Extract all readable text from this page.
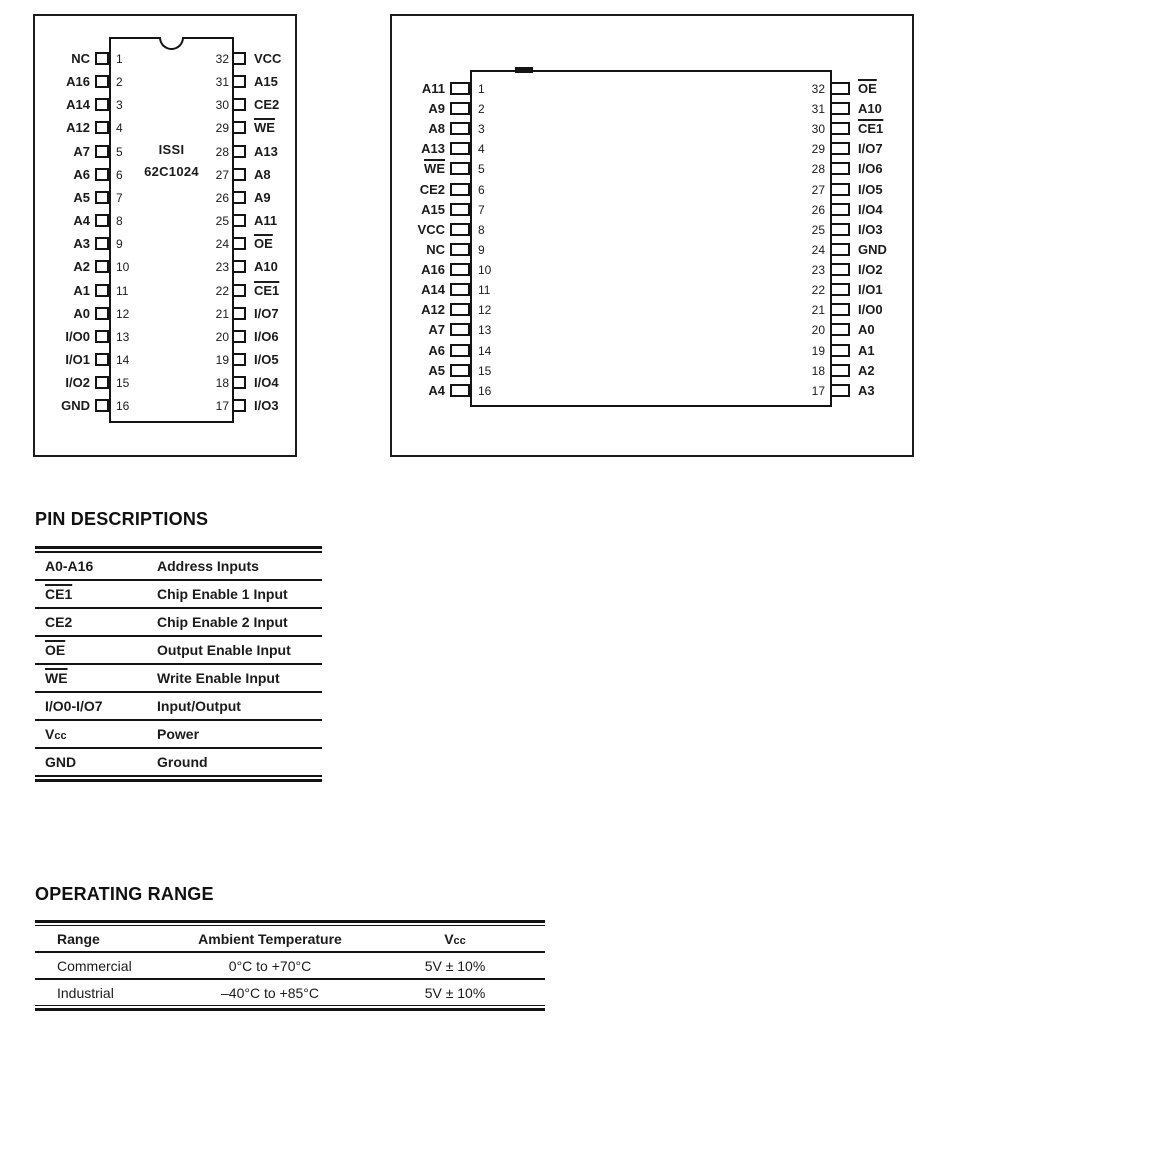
ISSI
62C1024
NC 1
A16 2
A14 3
A12 4
A7 5
A6 6
A5 7
A4 8
A3 9
A2 10
A1 11
A0 12
I/O0 13
I/O1 14
I/O2 15
GND 16
32 VCC
31 A15
30 CE2
29 $\overline{WE}$
28 A13
27 A8
26 A9
25 A11
24 $\overline{OE}$
23 A10
22 CE1
21 I/O7
20 I/O6
19 I/O5
18 I/O4
17 I/O3
A11	1
A9	2
A8	3
A13	4
$\overline{WE}$	5
CE2	6
A15	7
VCC	8
NC	9
A16	10
A14	11
A12	12
A7	13
A6	14
A5	15
A4	16
32	$\overline{OE}$
31	A10
30	CE1
29	I/O7
28	I/O6
27	I/O5
26	I/O4
25	I/O3
24	GND
23	I/O2
22	I/O1
21	I/O0
20	A0
19	A1
18	A2
17	A3
PIN DESCRIPTIONS
A0-A16	Address Inputs
CE1	Chip Enable 1 Input
CE2	Chip Enable 2 Input
$\overline{OE}$	Output Enable Input
$\overline{WE}$	Write Enable Input
I/O0-I/O7	Input/Output
Vcc	Power
GND	Ground
OPERATING RANGE
Range	Ambient Temperature	Vcc
Commercial	0°C to +70°C	5V ± 10%
Industrial	–40°C to +85°C	5V ± 10%
